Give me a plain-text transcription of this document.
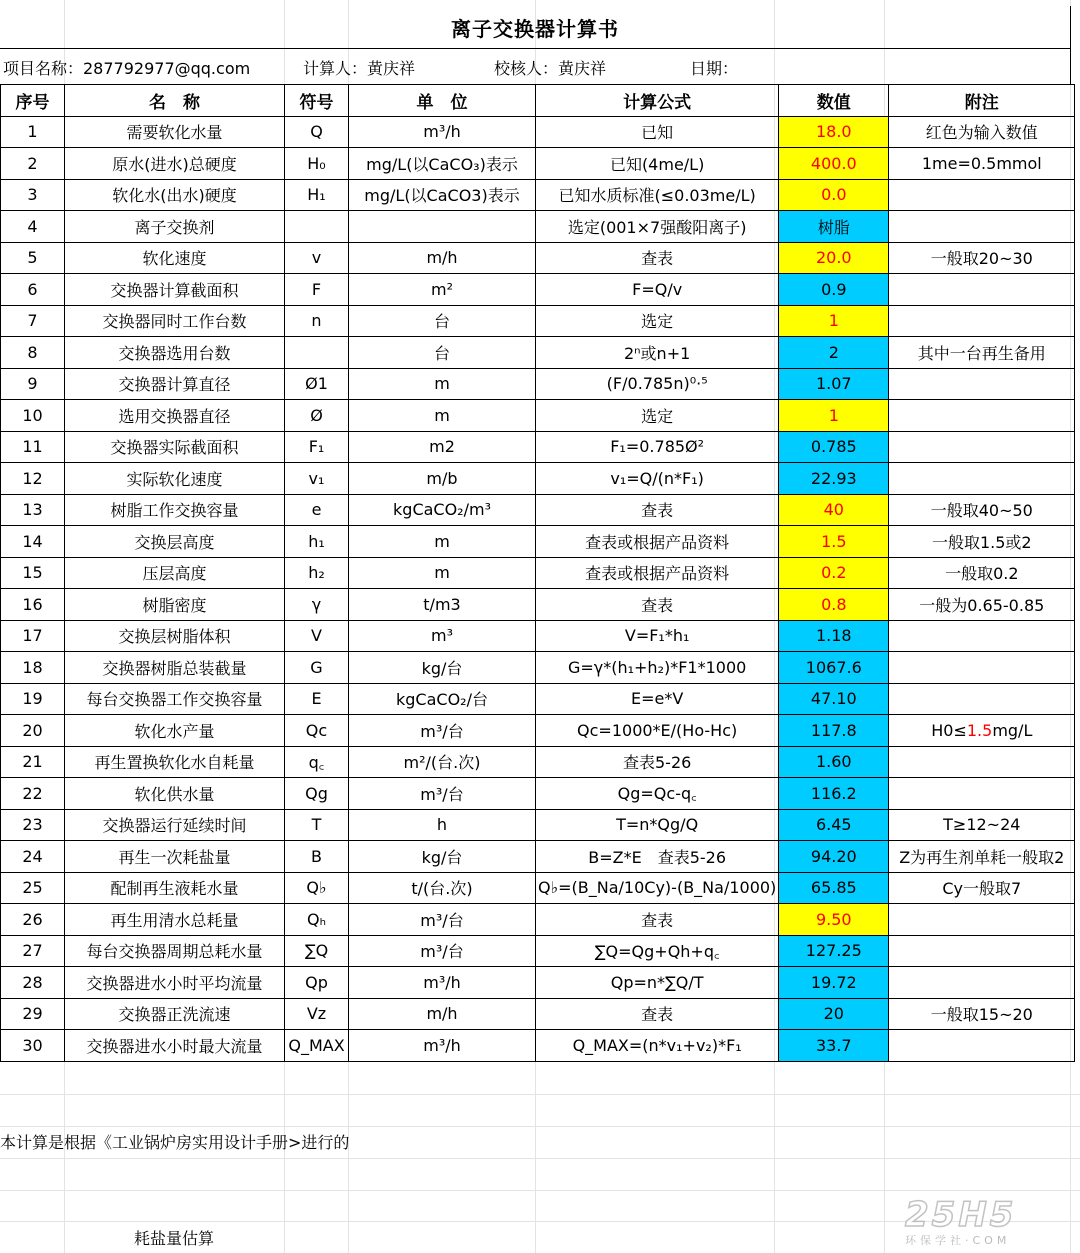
离子交换器计算书
项目名称：287792977@qq.com	计算人：黄庆祥	校核人：黄庆祥	日期：
序号	名　称	符号	单　位	计算公式	数值	附注
1	需要软化水量	Q	m³/h	已知	18.0	红色为输入数值
2	原水(进水)总硬度	H₀	mg/L(以CaCO₃)表示	已知(4me/L)	400.0	1me=0.5mmol
3	软化水(出水)硬度	H₁	mg/L(以CaCO3)表示	已知水质标准(≤0.03me/L)	0.0	
4	离子交换剂			选定(001×7强酸阳离子)	树脂	
5	软化速度	v	m/h	查表	20.0	一般取20~30
6	交换器计算截面积	F	m²	F=Q/v	0.9	
7	交换器同时工作台数	n	台	选定	1	
8	交换器选用台数		台	2ⁿ或n+1	2	其中一台再生备用
9	交换器计算直径	Ø1	m	(F/0.785n)⁰·⁵	1.07	
10	选用交换器直径	Ø	m	选定	1	
11	交换器实际截面积	F₁	m2	F₁=0.785Ø²	0.785	
12	实际软化速度	v₁	m/b	v₁=Q/(n*F₁)	22.93	
13	树脂工作交换容量	e	kgCaCO₂/m³	查表	40	一般取40~50
14	交换层高度	h₁	m	查表或根据产品资料	1.5	一般取1.5或2
15	压层高度	h₂	m	查表或根据产品资料	0.2	一般取0.2
16	树脂密度	γ	t/m3	查表	0.8	一般为0.65-0.85
17	交换层树脂体积	V	m³	V=F₁*h₁	1.18	
18	交换器树脂总装截量	G	kg/台	G=γ*(h₁+h₂)*F1*1000	1067.6	
19	每台交换器工作交换容量	E	kgCaCO₂/台	E=e*V	47.10	
20	软化水产量	Qc	m³/台	Qc=1000*E/(Ho-Hc)	117.8	H0≤1.5mg/L
21	再生置换软化水自耗量	q꜀	m²/(台.次)	查表5-26	1.60	
22	软化供水量	Qg	m³/台	Qg=Qc-q꜀	116.2	
23	交换器运行延续时间	T	h	T=n*Qg/Q	6.45	T≥12~24
24	再生一次耗盐量	B	kg/台	B=Z*E　查表5-26	94.20	Z为再生剂单耗一般取2
25	配制再生液耗水量	Q♭	t/(台.次)	Q♭=(B_Na/10Cy)-(B_Na/1000)	65.85	Cy一般取7
26	再生用清水总耗量	Qₕ	m³/台	查表	9.50	
27	每台交换器周期总耗水量	∑Q	m³/台	∑Q=Qg+Qh+q꜀	127.25	
28	交换器进水小时平均流量	Qp	m³/h	Qp=n*∑Q/T	19.72	
29	交换器正洗流速	Vz	m/h	查表	20	一般取15~20
30	交换器进水小时最大流量	Q_MAX	m³/h	Q_MAX=(n*v₁+v₂)*F₁	33.7	
本计算是根据《工业锅炉房实用设计手册>进行的
耗盐量估算
25H5
环保学社·COM
